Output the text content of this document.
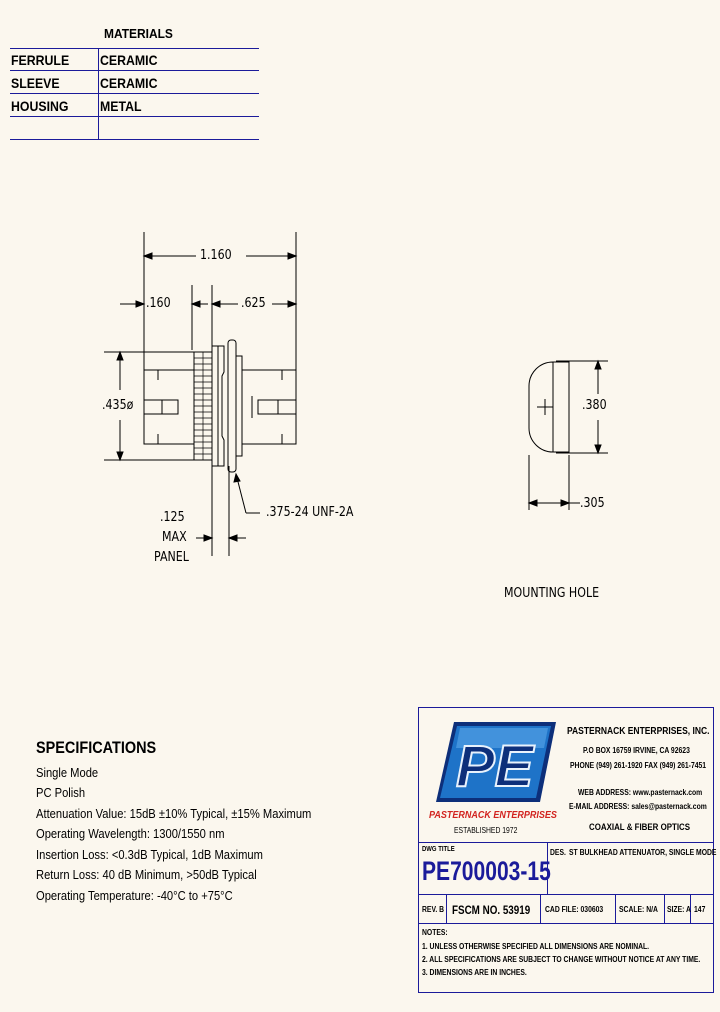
MATERIALS
FERRULE CERAMIC
SLEEVE	CERAMIC
HOUSING METAL
1.160
.160	.625
.435ø
.125
MAX
PANEL
.375-24 UNF-2A
.380
.305
MOUNTING HOLE
SPECIFICATIONS
Single Mode
PC Polish
Attenuation Value: 15dB ±10% Typical, ±15% Maximum
Operating Wavelength: 1300/1550 nm
Insertion Loss: <0.3dB Typical, 1dB Maximum
Return Loss: 40 dB Minimum, >50dB Typical
Operating Temperature: -40°C to +75°C
PE
PASTERNACK ENTERPRISES
ESTABLISHED 1972
PASTERNACK ENTERPRISES, INC.
P.O BOX 16759 IRVINE, CA 92623
PHONE (949) 261-1920 FAX (949) 261-7451
WEB ADDRESS: www.pasternack.com
E-MAIL ADDRESS: sales@pasternack.com
COAXIAL & FIBER OPTICS
DWG TITLE
PE700003-15
DES. ST BULKHEAD ATTENUATOR, SINGLE MODE
REV. B FSCM NO. 53919 CAD FILE: 030603 SCALE: N/A SIZE: A 147
NOTES:
1. UNLESS OTHERWISE SPECIFIED ALL DIMENSIONS ARE NOMINAL.
2. ALL SPECIFICATIONS ARE SUBJECT TO CHANGE WITHOUT NOTICE AT ANY TIME.
3. DIMENSIONS ARE IN INCHES.
